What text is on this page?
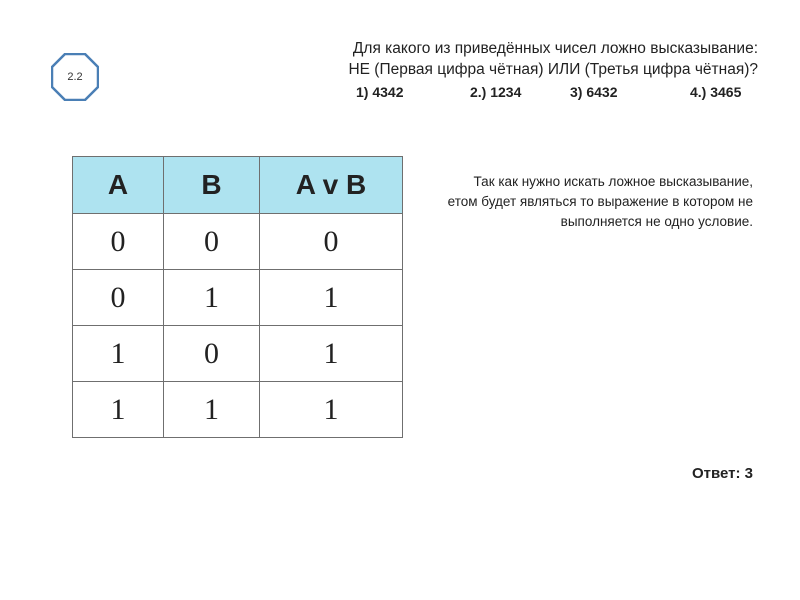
2.2
Для какого из приведённых чисел ложно высказывание:
НЕ (Первая цифра чётная) ИЛИ (Третья цифра чётная)?
1) 4342	2.) 1234	3) 6432	4.) 3465
A	B	A v B
0	0	0
0	1	1
1	0	1
1	1	1
Так как нужно искать ложное высказывание,
етом будет являться то выражение в котором не
выполняется не одно условие.
Ответ: 3
